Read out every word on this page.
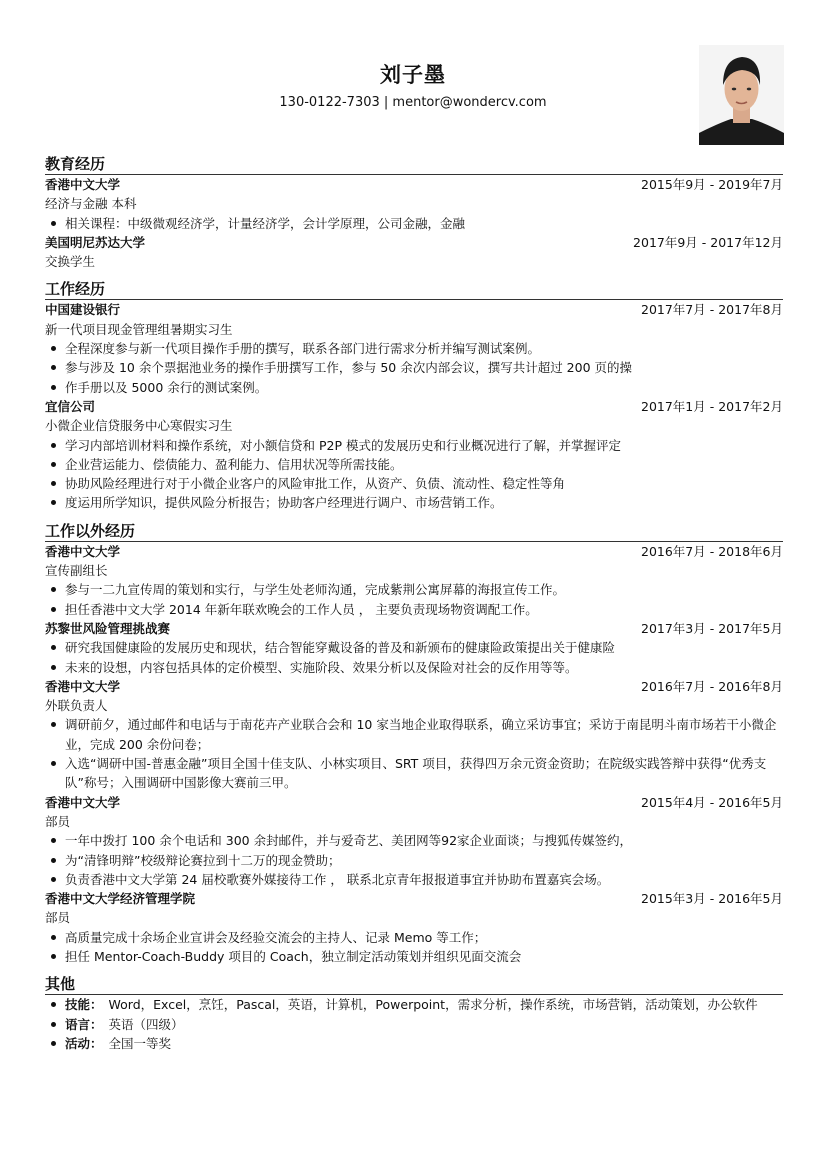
刘子墨
130-0122-7303 | mentor@wondercv.com
教育经历
香港中文大学	2015年9月 - 2019年7月
经济与金融 本科
相关课程：中级微观经济学，计量经济学，会计学原理，公司金融，金融
美国明尼苏达大学	2017年9月 - 2017年12月
交换学生
工作经历
中国建设银行	2017年7月 - 2017年8月
新一代项目现金管理组暑期实习生
全程深度参与新一代项目操作手册的撰写，联系各部门进行需求分析并编写测试案例。
参与涉及 10 余个票据池业务的操作手册撰写工作，参与 50 余次内部会议，撰写共计超过 200 页的操
作手册以及 5000 余行的测试案例。
宜信公司	2017年1月 - 2017年2月
小微企业信贷服务中心寒假实习生
学习内部培训材料和操作系统，对小额信贷和 P2P 模式的发展历史和行业概况进行了解，并掌握评定
企业营运能力、偿债能力、盈利能力、信用状况等所需技能。
协助风险经理进行对于小微企业客户的风险审批工作，从资产、负债、流动性、稳定性等角
度运用所学知识，提供风险分析报告；协助客户经理进行调户、市场营销工作。
工作以外经历
香港中文大学	2016年7月 - 2018年6月
宣传副组长
参与一二九宣传周的策划和实行，与学生处老师沟通，完成紫荆公寓屏幕的海报宣传工作。
担任香港中文大学 2014 年新年联欢晚会的工作人员 ， 主要负责现场物资调配工作。
苏黎世风险管理挑战赛	2017年3月 - 2017年5月
研究我国健康险的发展历史和现状，结合智能穿戴设备的普及和新颁布的健康险政策提出关于健康险
未来的设想，内容包括具体的定价模型、实施阶段、效果分析以及保险对社会的反作用等等。
香港中文大学	2016年7月 - 2016年8月
外联负责人
调研前夕，通过邮件和电话与于南花卉产业联合会和 10 家当地企业取得联系，确立采访事宜；采访于南昆明斗南市场若干小微企业，完成 200 余份问卷；
入选“调研中国-普惠金融”项目全国十佳支队、小林实项目、SRT 项目，获得四万余元资金资助；在院级实践答辩中获得“优秀支队”称号；入围调研中国影像大赛前三甲。
香港中文大学	2015年4月 - 2016年5月
部员
一年中拨打 100 余个电话和 300 余封邮件，并与爱奇艺、美团网等92家企业面谈；与搜狐传媒签约，
为“清锋明辩”校级辩论赛拉到十二万的现金赞助；
负责香港中文大学第 24 届校歌赛外媒接待工作 ， 联系北京青年报报道事宜并协助布置嘉宾会场。
香港中文大学经济管理学院	2015年3月 - 2016年5月
部员
高质量完成十余场企业宣讲会及经验交流会的主持人、记录 Memo 等工作；
担任 Mentor-Coach-Buddy 项目的 Coach，独立制定活动策划并组织见面交流会
其他
技能： Word，Excel，烹饪，Pascal，英语，计算机，Powerpoint，需求分析，操作系统，市场营销，活动策划，办公软件
语言： 英语（四级）
活动： 全国一等奖
